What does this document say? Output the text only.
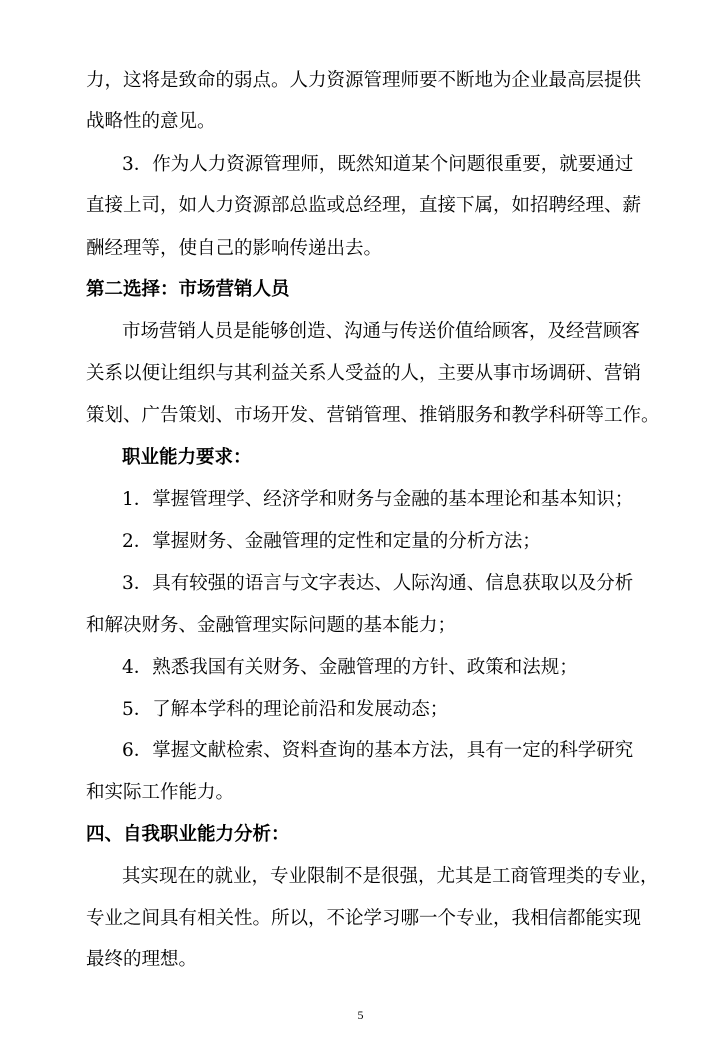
力，这将是致命的弱点。人力资源管理师要不断地为企业最高层提供
战略性的意见。
3．作为人力资源管理师，既然知道某个问题很重要，就要通过
直接上司，如人力资源部总监或总经理，直接下属，如招聘经理、薪
酬经理等，使自己的影响传递出去。
第二选择：市场营销人员
市场营销人员是能够创造、沟通与传送价值给顾客，及经营顾客
关系以便让组织与其利益关系人受益的人，主要从事市场调研、营销
策划、广告策划、市场开发、营销管理、推销服务和教学科研等工作。
职业能力要求：
1．掌握管理学、经济学和财务与金融的基本理论和基本知识；
2．掌握财务、金融管理的定性和定量的分析方法；
3．具有较强的语言与文字表达、人际沟通、信息获取以及分析
和解决财务、金融管理实际问题的基本能力；
4．熟悉我国有关财务、金融管理的方针、政策和法规；
5．了解本学科的理论前沿和发展动态；
6．掌握文献检索、资料查询的基本方法，具有一定的科学研究
和实际工作能力。
四、自我职业能力分析：
其实现在的就业，专业限制不是很强，尤其是工商管理类的专业，
专业之间具有相关性。所以，不论学习哪一个专业，我相信都能实现
最终的理想。
5
